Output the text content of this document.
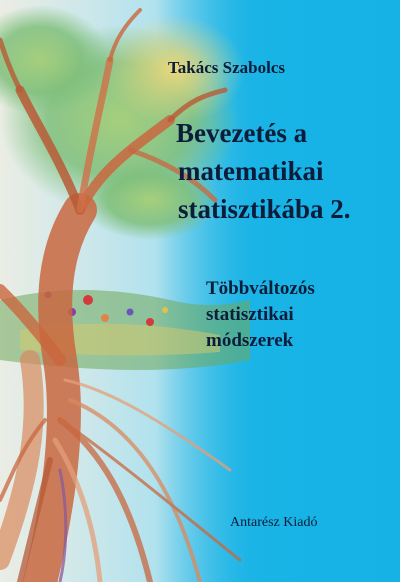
Takács Szabolcs

Bevezetés a
matematikai
statisztikába 2.
Többváltozós
statisztikai
módszerek

Antarész Kiadó
